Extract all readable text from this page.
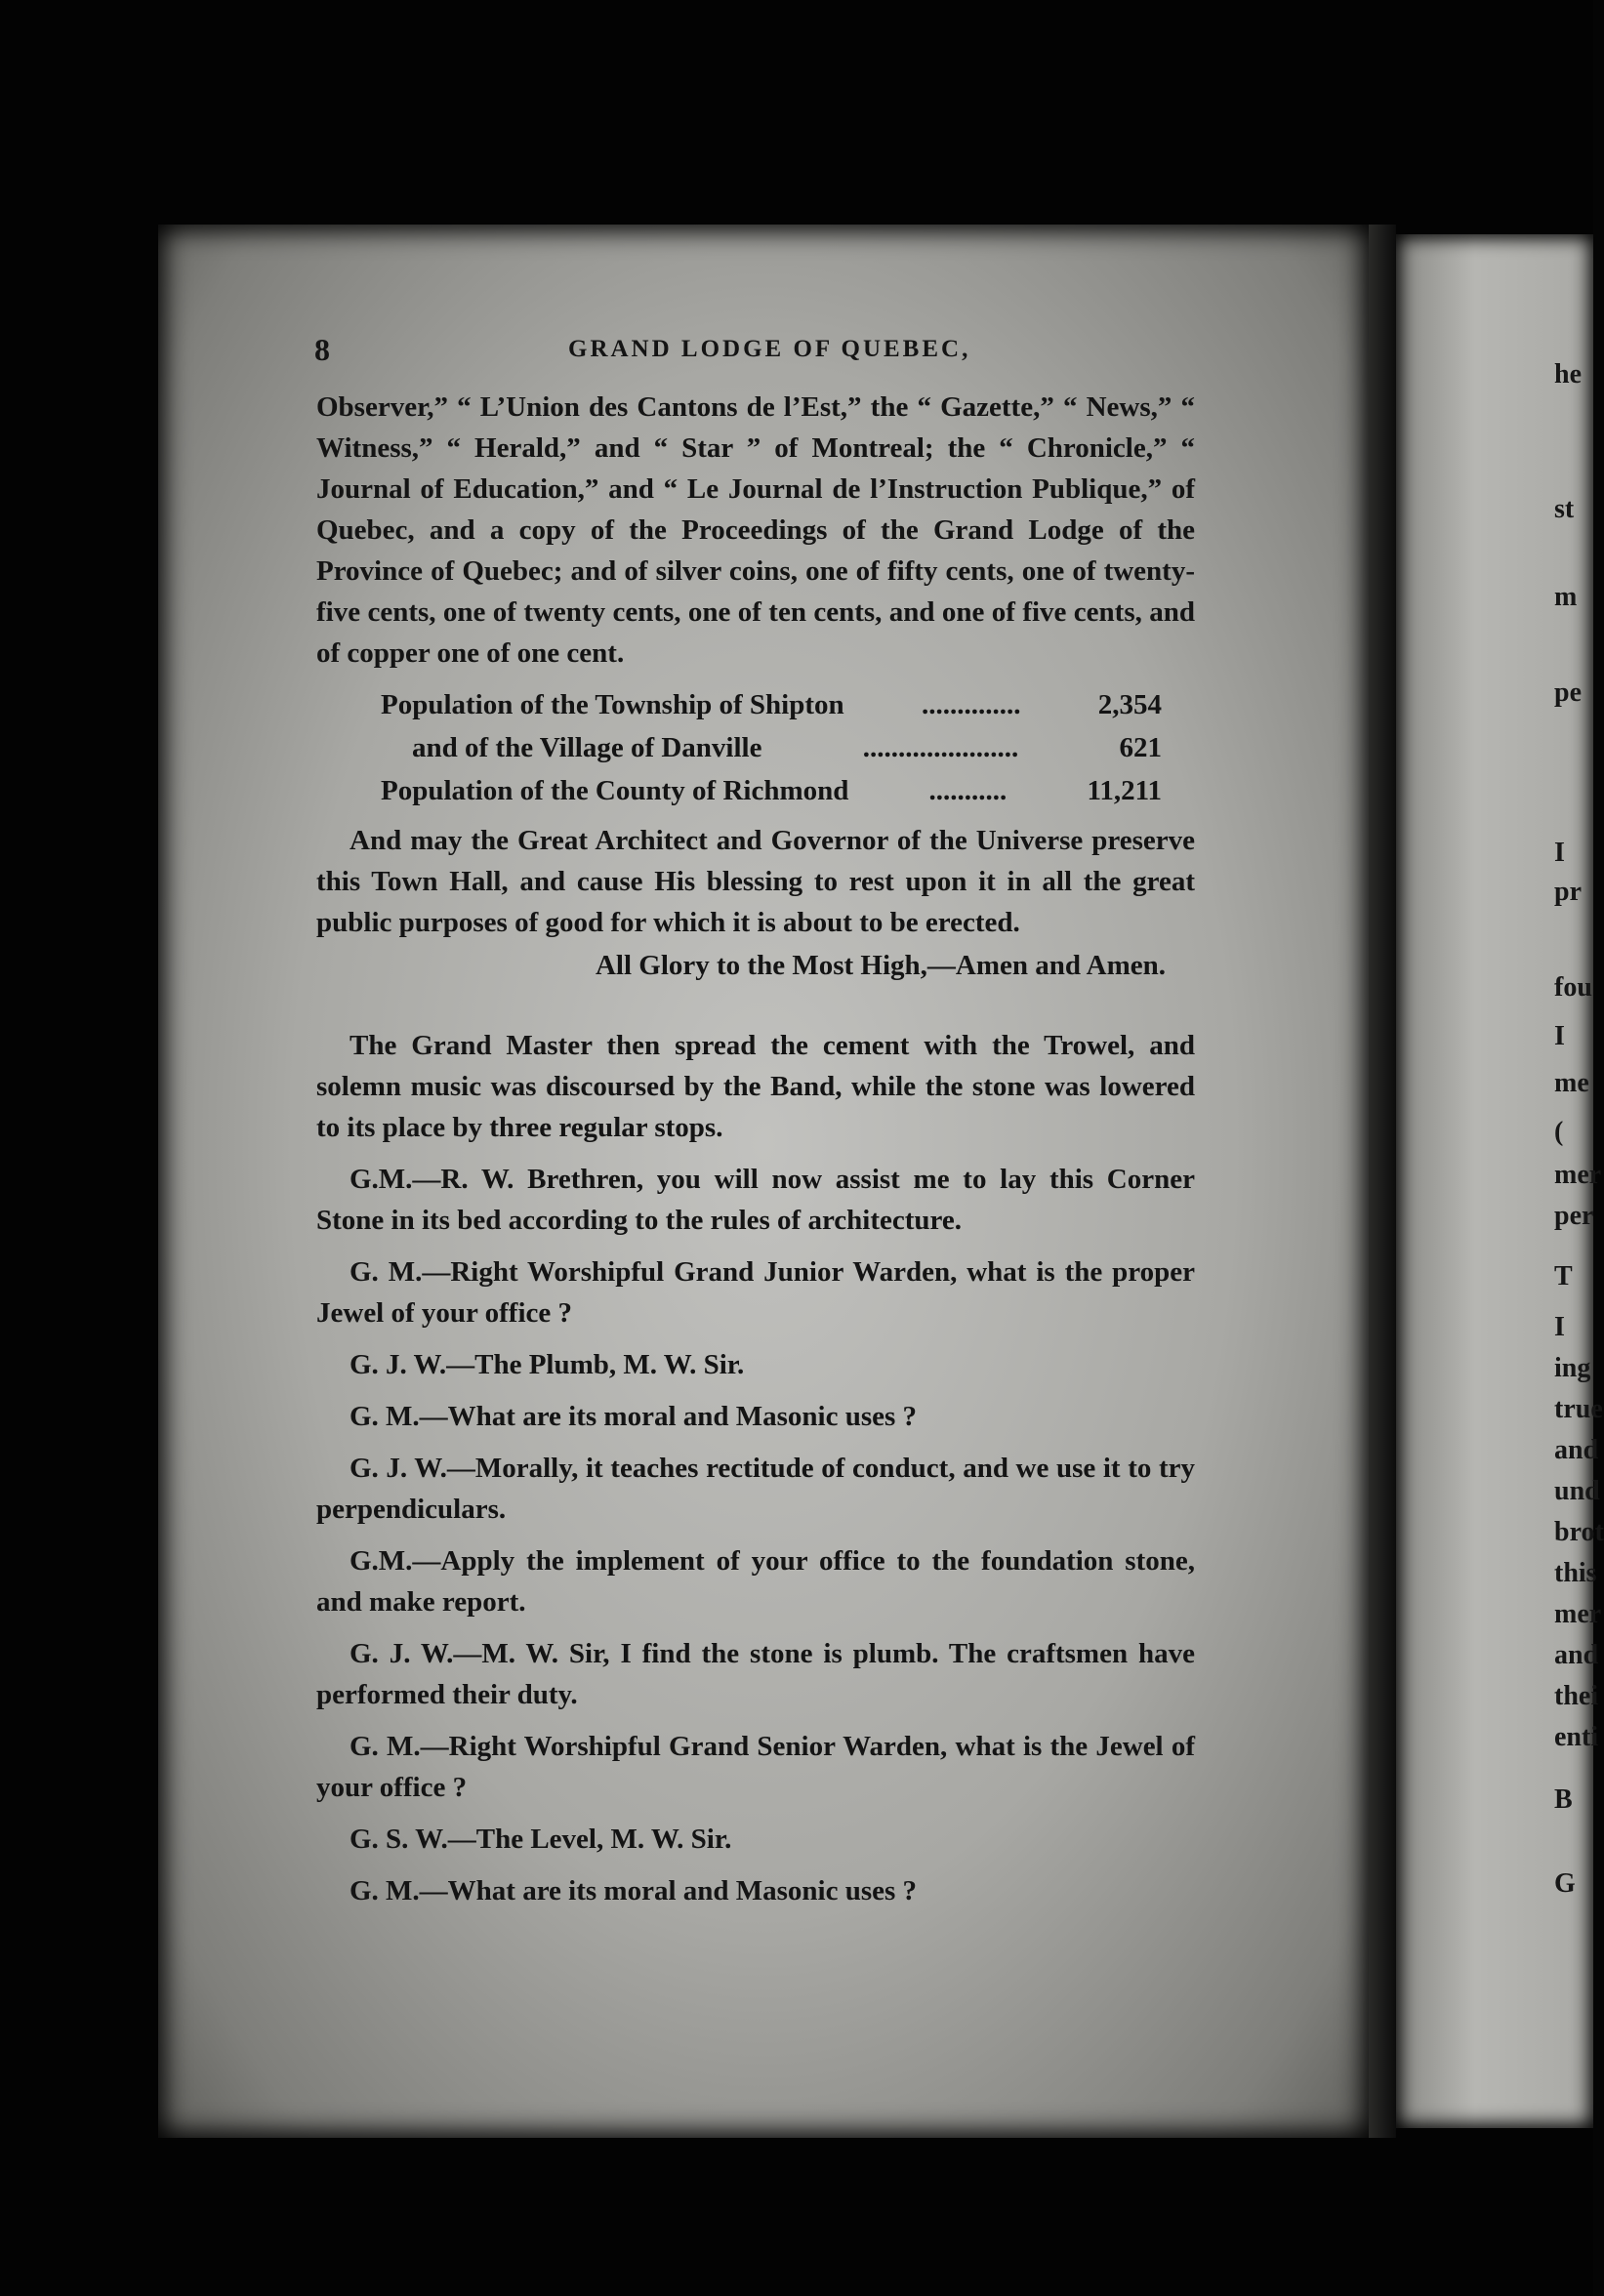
8	GRAND LODGE OF QUEBEC,

Observer,” “ L’Union des Cantons de l’Est,” the “ Gazette,” “ News,” “ Witness,” “ Herald,” and “ Star ” of Montreal; the “ Chronicle,” “ Journal of Education,” and “ Le Journal de l’Instruction Publique,” of Quebec, and a copy of the Proceedings of the Grand Lodge of the Province of Quebec; and of silver coins, one of fifty cents, one of twenty-five cents, one of twenty cents, one of ten cents, and one of five cents, and of copper one of one cent.

Population of the Township of Shipton	..............	2,354
and of the Village of Danville	......................	621
Population of the County of Richmond	...........	11,211

And may the Great Architect and Governor of the Universe preserve this Town Hall, and cause His blessing to rest upon it in all the great public purposes of good for which it is about to be erected.

All Glory to the Most High,—Amen and Amen.

The Grand Master then spread the cement with the Trowel, and solemn music was discoursed by the Band, while the stone was lowered to its place by three regular stops.

G.M.—R. W. Brethren, you will now assist me to lay this Corner Stone in its bed according to the rules of architecture.

G. M.—Right Worshipful Grand Junior Warden, what is the proper Jewel of your office ?

G. J. W.—The Plumb, M. W. Sir.

G. M.—What are its moral and Masonic uses ?

G. J. W.—Morally, it teaches rectitude of conduct, and we use it to try perpendiculars.

G.M.—Apply the implement of your office to the foundation stone, and make report.

G. J. W.—M. W. Sir, I find the stone is plumb. The craftsmen have performed their duty.

G. M.—Right Worshipful Grand Senior Warden, what is the Jewel of your office ?

G. S. W.—The Level, M. W. Sir.

G. M.—What are its moral and Masonic uses ?

he
st
m
pe
I
pr
fou
I
me
(
mer
per
T
I
ing
true
and
und
brot
this
mer
and
thei
enti
B
G
